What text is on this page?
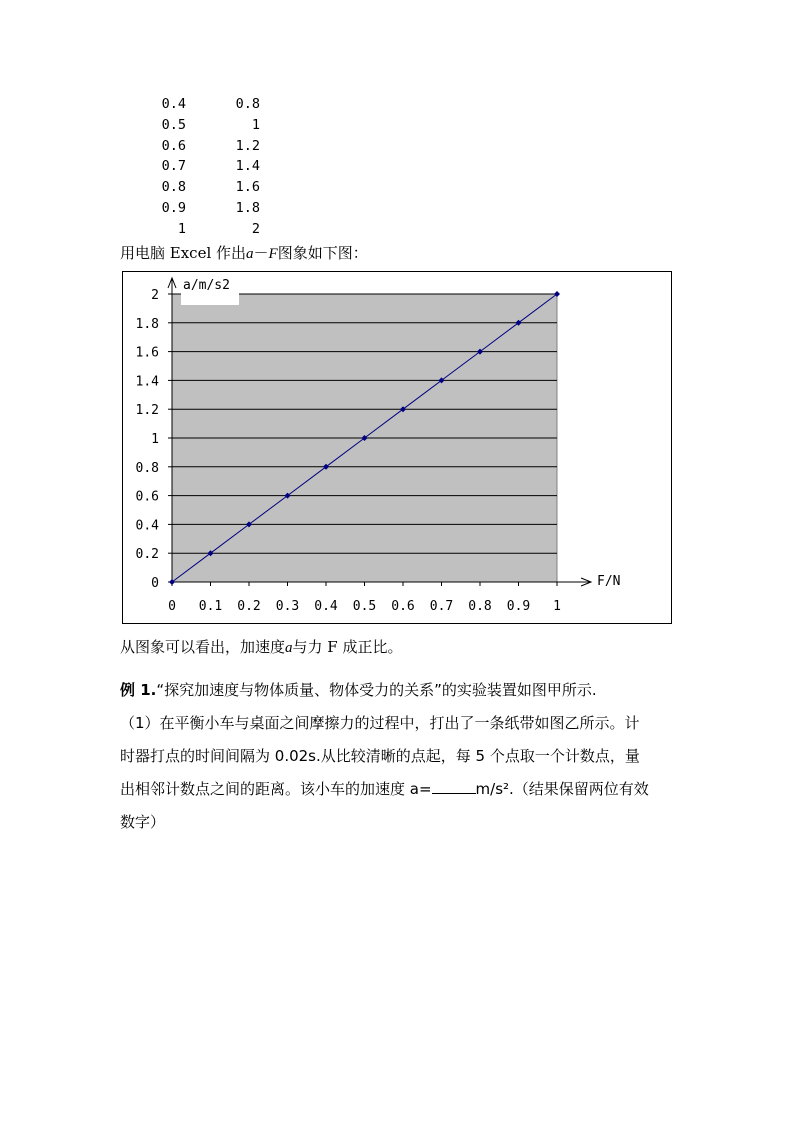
0.4	0.8
0.5	1
0.6	1.2
0.7	1.4
0.8	1.6
0.9	1.8
1	2
用电脑 Excel 作出a－F图象如下图：
0
0.2
0.4
0.6
0.8
1
1.2
1.4
1.6
1.8
2
0 0.1 0.2 0.3 0.4 0.5 0.6 0.7 0.8 0.9 1
a/m/s2
F/N
从图象可以看出，加速度a与力 F 成正比。
例 1.“探究加速度与物体质量、物体受力的关系”的实验装置如图甲所示.
（1）在平衡小车与桌面之间摩擦力的过程中，打出了一条纸带如图乙所示。计
时器打点的时间间隔为 0.02s.从比较清晰的点起，每 5 个点取一个计数点，量
出相邻计数点之间的距离。该小车的加速度 a=	m/s².（结果保留两位有效
数字）
